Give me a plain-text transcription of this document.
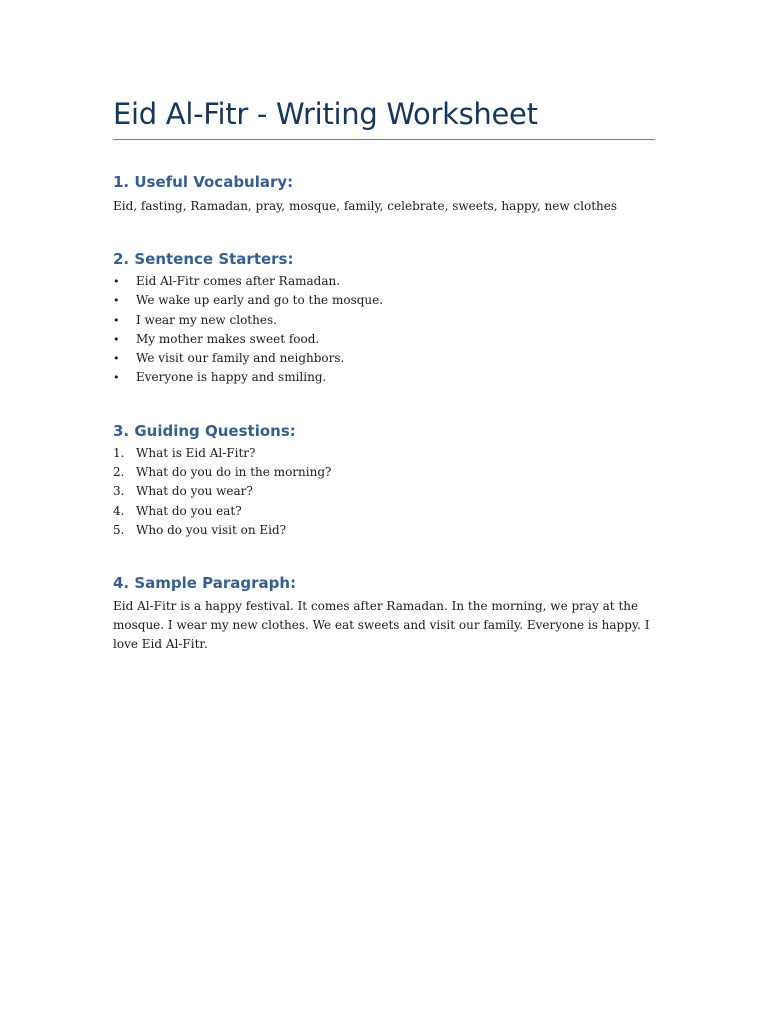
Eid Al-Fitr - Writing Worksheet
1. Useful Vocabulary:

Eid, fasting, Ramadan, pray, mosque, family, celebrate, sweets, happy, new clothes

2. Sentence Starters:
• Eid Al-Fitr comes after Ramadan.
• We wake up early and go to the mosque.
• I wear my new clothes.
• My mother makes sweet food.
• We visit our family and neighbors.
• Everyone is happy and smiling.
3. Guiding Questions:
1. What is Eid Al-Fitr?
2. What do you do in the morning?
3. What do you wear?
4. What do you eat?
5. Who do you visit on Eid?
4. Sample Paragraph:

Eid Al-Fitr is a happy festival. It comes after Ramadan. In the morning, we pray at the mosque. I wear my new clothes. We eat sweets and visit our family. Everyone is happy. I love Eid Al-Fitr.
